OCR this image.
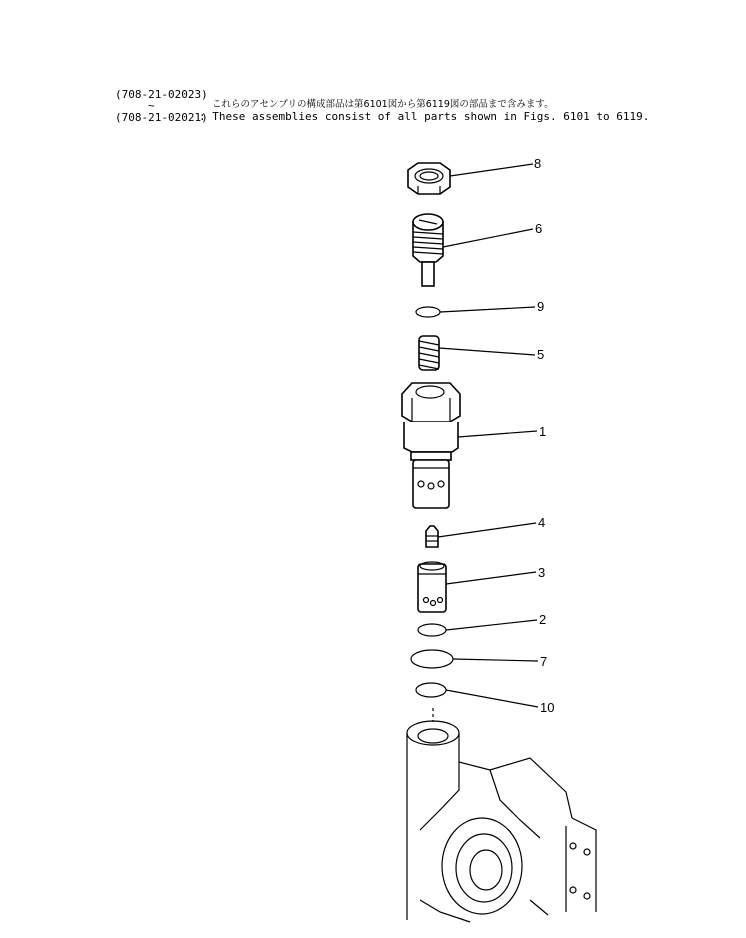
(708-21-02023)
~	これらのアセンブリの構成部品は第6101図から第6119図の部品まで含みます。
(708-21-02021)
: These assemblies consist of all parts shown in Figs. 6101 to 6119.
8
6
9
5
1
4
3
2
7
10
